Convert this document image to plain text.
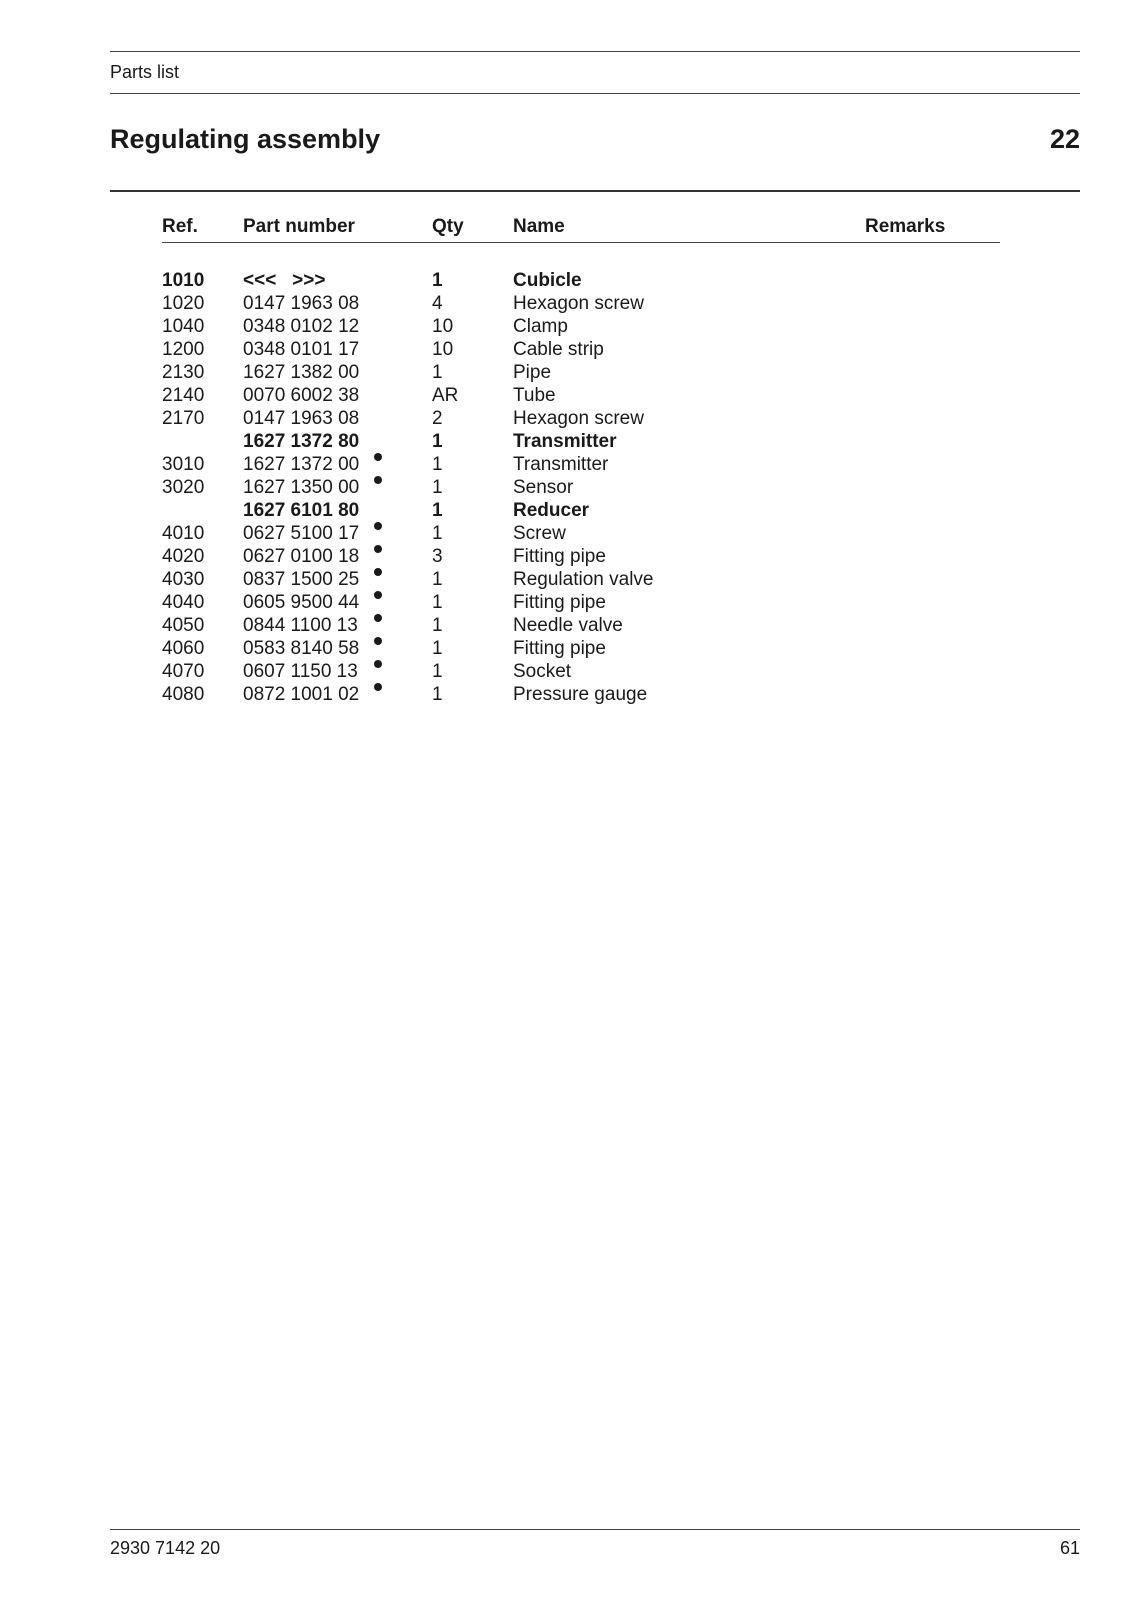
Parts list
Regulating assembly	22
Ref. Part number	Qty	Name	Remarks
1010 <<<   >>>	1	Cubicle
1020 0147 1963 08	4	Hexagon screw
1040 0348 0102 12	10	Clamp
1200 0348 0101 17	10	Cable strip
2130 1627 1382 00	1	Pipe
2140 0070 6002 38	AR	Tube
2170 0147 1963 08	2	Hexagon screw
1627 1372 80	1	Transmitter
3010 1627 1372 00	1	Transmitter
3020 1627 1350 00	1	Sensor
1627 6101 80	1	Reducer
4010 0627 5100 17	1	Screw
4020 0627 0100 18	3	Fitting pipe
4030 0837 1500 25	1	Regulation valve
4040 0605 9500 44	1	Fitting pipe
4050 0844 1100 13	1	Needle valve
4060 0583 8140 58	1	Fitting pipe
4070 0607 1150 13	1	Socket
4080 0872 1001 02	1	Pressure gauge
2930 7142 20	61
